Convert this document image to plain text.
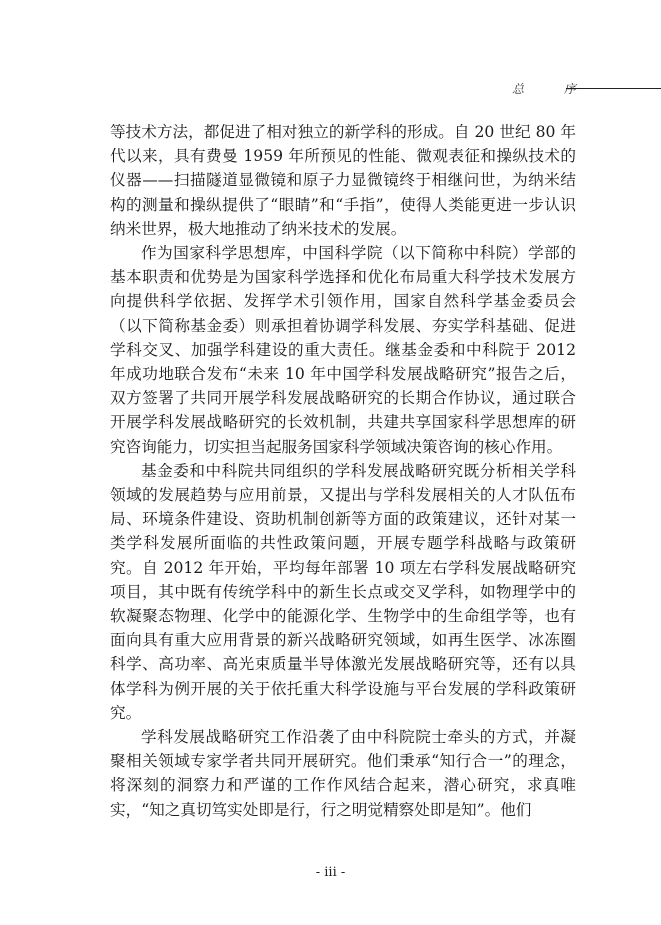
总 序

等技术方法，都促进了相对独立的新学科的形成。自 20 世纪 80 年代以来，具有费曼 1959 年所预见的性能、微观表征和操纵技术的仪器——扫描隧道显微镜和原子力显微镜终于相继问世，为纳米结构的测量和操纵提供了“眼睛”和“手指”，使得人类能更进一步认识纳米世界，极大地推动了纳米技术的发展。

作为国家科学思想库，中国科学院（以下简称中科院）学部的基本职责和优势是为国家科学选择和优化布局重大科学技术发展方向提供科学依据、发挥学术引领作用，国家自然科学基金委员会（以下简称基金委）则承担着协调学科发展、夯实学科基础、促进学科交叉、加强学科建设的重大责任。继基金委和中科院于 2012 年成功地联合发布“未来 10 年中国学科发展战略研究”报告之后，双方签署了共同开展学科发展战略研究的长期合作协议，通过联合开展学科发展战略研究的长效机制，共建共享国家科学思想库的研究咨询能力，切实担当起服务国家科学领域决策咨询的核心作用。

基金委和中科院共同组织的学科发展战略研究既分析相关学科领域的发展趋势与应用前景，又提出与学科发展相关的人才队伍布局、环境条件建设、资助机制创新等方面的政策建议，还针对某一类学科发展所面临的共性政策问题，开展专题学科战略与政策研究。自 2012 年开始，平均每年部署 10 项左右学科发展战略研究项目，其中既有传统学科中的新生长点或交叉学科，如物理学中的软凝聚态物理、化学中的能源化学、生物学中的生命组学等，也有面向具有重大应用背景的新兴战略研究领域，如再生医学、冰冻圈科学、高功率、高光束质量半导体激光发展战略研究等，还有以具体学科为例开展的关于依托重大科学设施与平台发展的学科政策研究。

学科发展战略研究工作沿袭了由中科院院士牵头的方式，并凝聚相关领域专家学者共同开展研究。他们秉承“知行合一”的理念，将深刻的洞察力和严谨的工作作风结合起来，潜心研究，求真唯实，“知之真切笃实处即是行，行之明觉精察处即是知”。他们

- iii -
